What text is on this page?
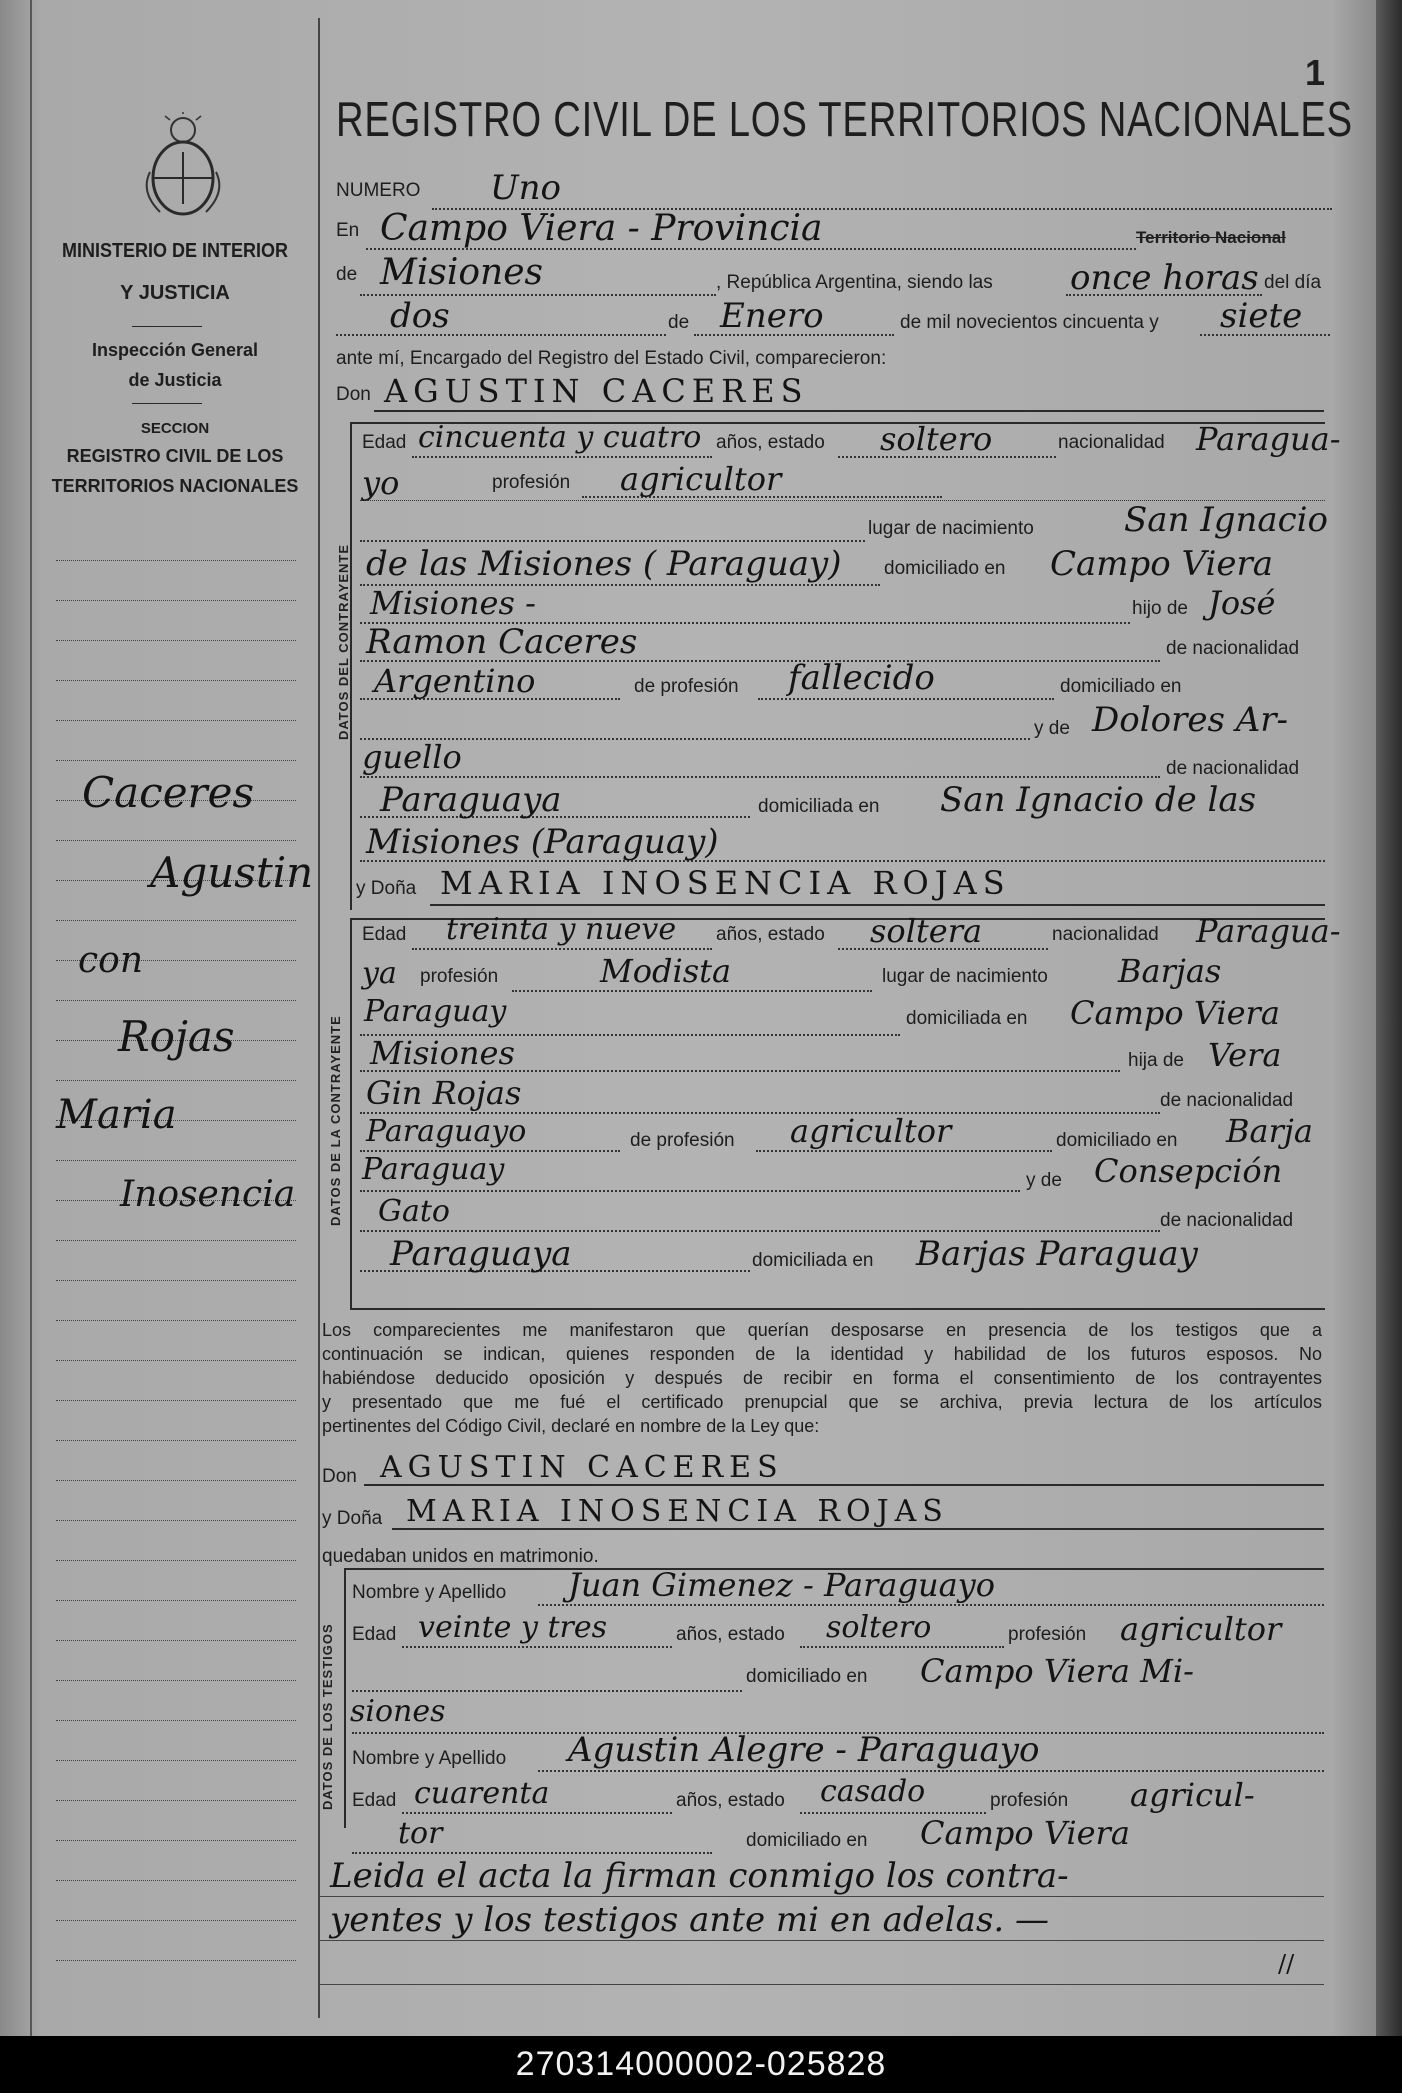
1
REGISTRO CIVIL DE LOS TERRITORIOS NACIONALES
MINISTERIO DE INTERIOR
Y JUSTICIA
Inspección General
de Justicia
SECCION
REGISTRO CIVIL DE LOS
TERRITORIOS NACIONALES
Caceres
Agustin
con
Rojas
Maria
Inosencia
NUMERO Uno
En Campo Viera - Provincia	Territorio Nacional
de Misiones	, República Argentina, siendo las once horas del día
dos	de Enero	de mil novecientos cincuenta y siete
ante mí, Encargado del Registro del Estado Civil, comparecieron:
Don AGUSTIN CACERES
DATOS DEL CONTRAYENTE
Edad cincuenta y cuatro años, estado soltero	nacionalidad Paragua-
yo	profesión agricultor
lugar de nacimiento	San Ignacio
de las Misiones ( Paraguay) domiciliado en Campo Viera
Misiones -	hijo de José
Ramon Caceres	de nacionalidad
Argentino	de profesión fallecido	domiciliado en
y de Dolores Ar-
guello	de nacionalidad
Paraguaya	domiciliada en San Ignacio de las
Misiones (Paraguay)
y Doña MARIA INOSENCIA ROJAS
DATOS DE LA CONTRAYENTE
Edad treinta y nueve años, estado soltera	nacionalidad Paragua-
ya profesión	Modista	lugar de nacimiento Barjas
Paraguay	domiciliada en Campo Viera
Misiones	hija de Vera
Gin Rojas	de nacionalidad
Paraguayo	de profesión agricultor	domiciliado en Barja
Paraguay	y de Consepción
Gato	de nacionalidad
Paraguaya	domiciliada en Barjas Paraguay
Los comparecientes me manifestaron que querían desposarse en presencia de los testigos que a
continuación se indican, quienes responden de la identidad y habilidad de los futuros esposos. No
habiéndose deducido oposición y después de recibir en forma el consentimiento de los contrayentes
y presentado que me fué el certificado prenupcial que se archiva, previa lectura de los artículos
pertinentes del Código Civil, declaré en nombre de la Ley que:
Don AGUSTIN CACERES
y Doña MARIA INOSENCIA ROJAS
quedaban unidos en matrimonio.
DATOS DE LOS TESTIGOS
Nombre y Apellido Juan Gimenez - Paraguayo
Edad veinte y tres	años, estado soltero	profesión agricultor
domiciliado en Campo Viera Mi-
siones
Nombre y Apellido Agustin Alegre - Paraguayo
Edad cuarenta	años, estado casado	profesión agricul-
tor	domiciliado en Campo Viera
Leida el acta la firman conmigo los contra-
yentes y los testigos ante mi en adelas. —
//
270314000002-025828
